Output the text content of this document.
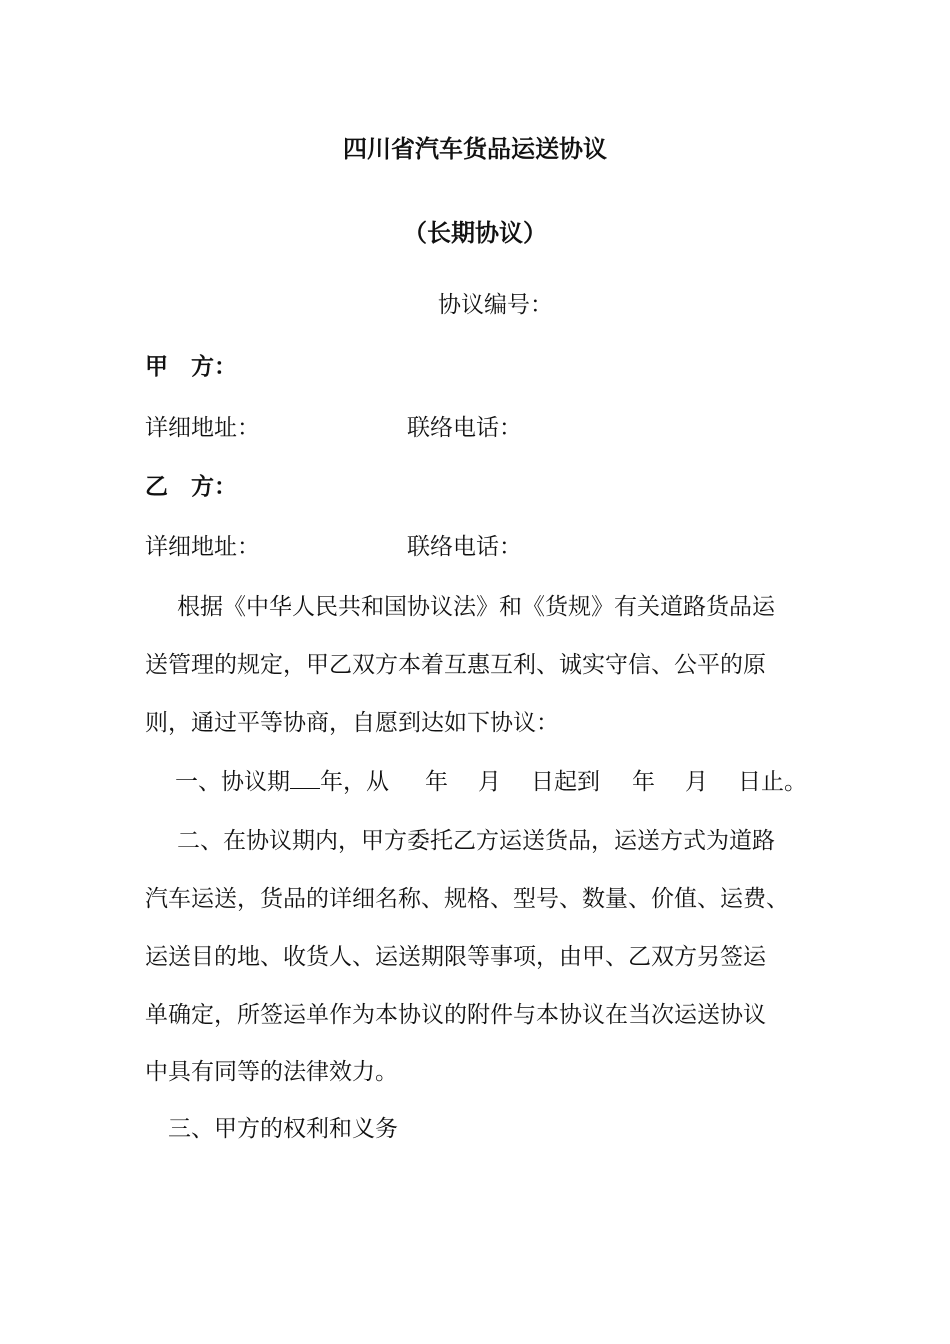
四川省汽车货品运送协议
（长期协议）
协议编号：
甲　方：
详细地址：	联络电话：
乙　方：
详细地址：	联络电话：
根据《中华人民共和国协议法》和《货规》有关道路货品运
送管理的规定，甲乙双方本着互惠互利、诚实守信、公平的原
则，通过平等协商，自愿到达如下协议：
一、协议期 年，从 年 月 日起到 年 月 日止。
二、在协议期内，甲方委托乙方运送货品，运送方式为道路
汽车运送，货品的详细名称、规格、型号、数量、价值、运费、
运送目的地、收货人、运送期限等事项，由甲、乙双方另签运
单确定，所签运单作为本协议的附件与本协议在当次运送协议
中具有同等的法律效力。
三、甲方的权利和义务
